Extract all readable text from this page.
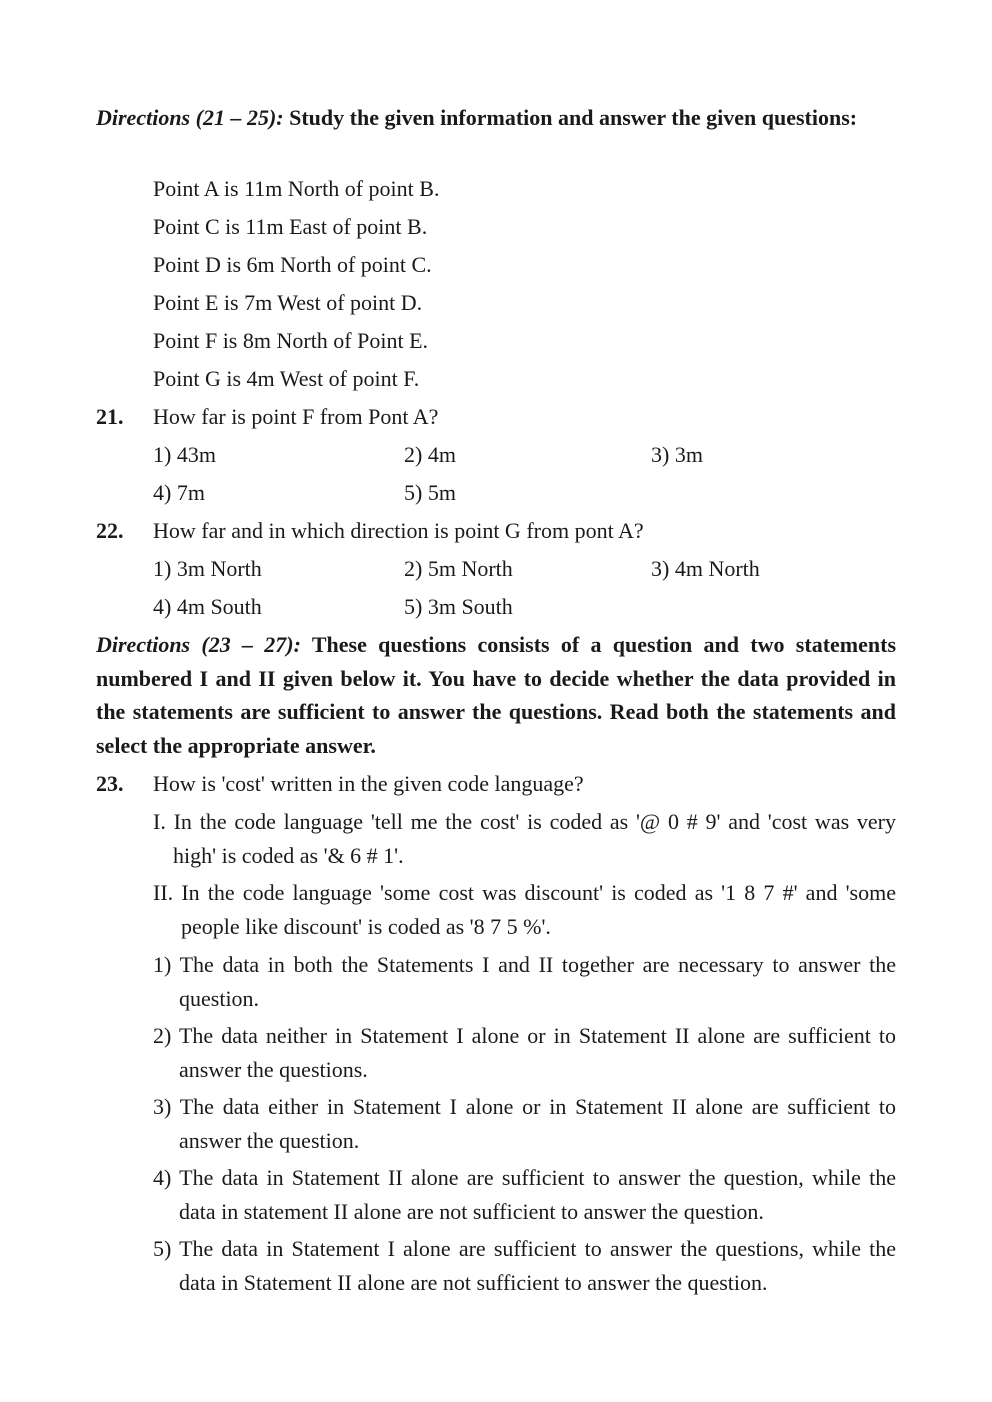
Directions (21 – 25): Study the given information and answer the given questions:
Point A is 11m North of point B.
Point C is 11m East of point B.
Point D is 6m North of point C.
Point E is 7m West of point D.
Point F is 8m North of Point E.
Point G is 4m West of point F.
21. How far is point F from Pont A?
1) 43m	2) 4m	3) 3m
4) 7m	5) 5m
22. How far and in which direction is point G from pont A?
1) 3m North	2) 5m North	3) 4m North
4) 4m South	5) 3m South
Directions (23 – 27): These questions consists of a question and two statements numbered I and II given below it. You have to decide whether the data provided in the statements are sufficient to answer the questions. Read both the statements and select the appropriate answer.
23. How is 'cost' written in the given code language?
I. In the code language 'tell me the cost' is coded as '@ 0 # 9' and 'cost was very high' is coded as '& 6 # 1'.
II. In the code language 'some cost was discount' is coded as '1 8 7 #' and 'some people like discount' is coded as '8 7 5 %'.
1) The data in both the Statements I and II together are necessary to answer the question.
2) The data neither in Statement I alone or in Statement II alone are sufficient to answer the questions.
3) The data either in Statement I alone or in Statement II alone are sufficient to answer the question.
4) The data in Statement II alone are sufficient to answer the question, while the data in statement II alone are not sufficient to answer the question.
5) The data in Statement I alone are sufficient to answer the questions, while the data in Statement II alone are not sufficient to answer the question.
